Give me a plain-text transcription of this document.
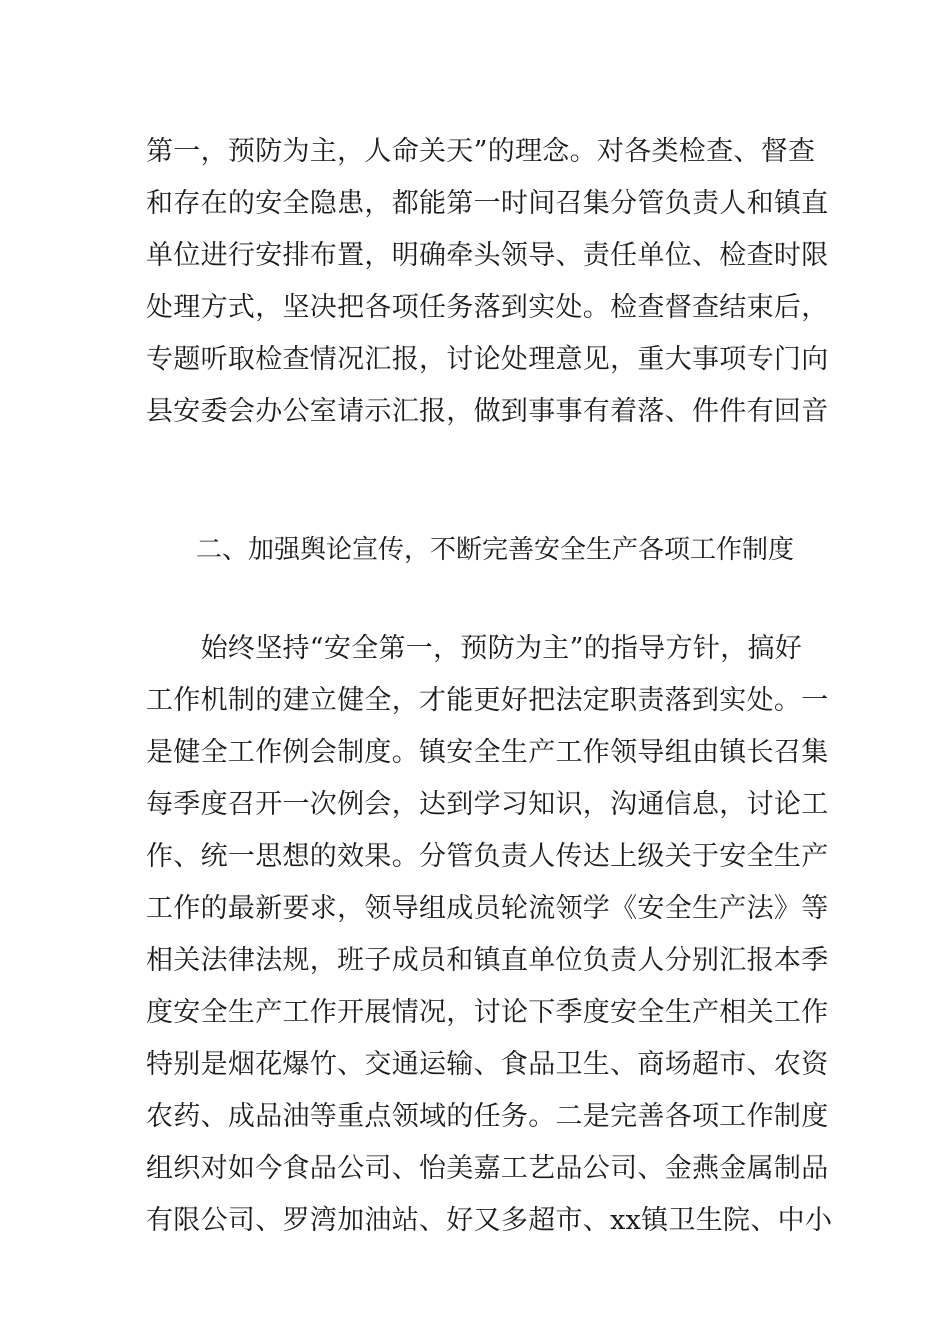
第一，预防为主，人命关天”的理念。对各类检查、督查
和存在的安全隐患，都能第一时间召集分管负责人和镇直
单位进行安排布置，明确牵头领导、责任单位、检查时限
处理方式，坚决把各项任务落到实处。检查督查结束后，
专题听取检查情况汇报，讨论处理意见，重大事项专门向
县安委会办公室请示汇报，做到事事有着落、件件有回音
二、加强舆论宣传，不断完善安全生产各项工作制度
　　始终坚持“安全第一，预防为主”的指导方针，搞好
工作机制的建立健全，才能更好把法定职责落到实处。一
是健全工作例会制度。镇安全生产工作领导组由镇长召集
每季度召开一次例会，达到学习知识，沟通信息，讨论工
作、统一思想的效果。分管负责人传达上级关于安全生产
工作的最新要求，领导组成员轮流领学《安全生产法》等
相关法律法规，班子成员和镇直单位负责人分别汇报本季
度安全生产工作开展情况，讨论下季度安全生产相关工作
特别是烟花爆竹、交通运输、食品卫生、商场超市、农资
农药、成品油等重点领域的任务。二是完善各项工作制度
组织对如今食品公司、怡美嘉工艺品公司、金燕金属制品
有限公司、罗湾加油站、好又多超市、xx镇卫生院、中小
